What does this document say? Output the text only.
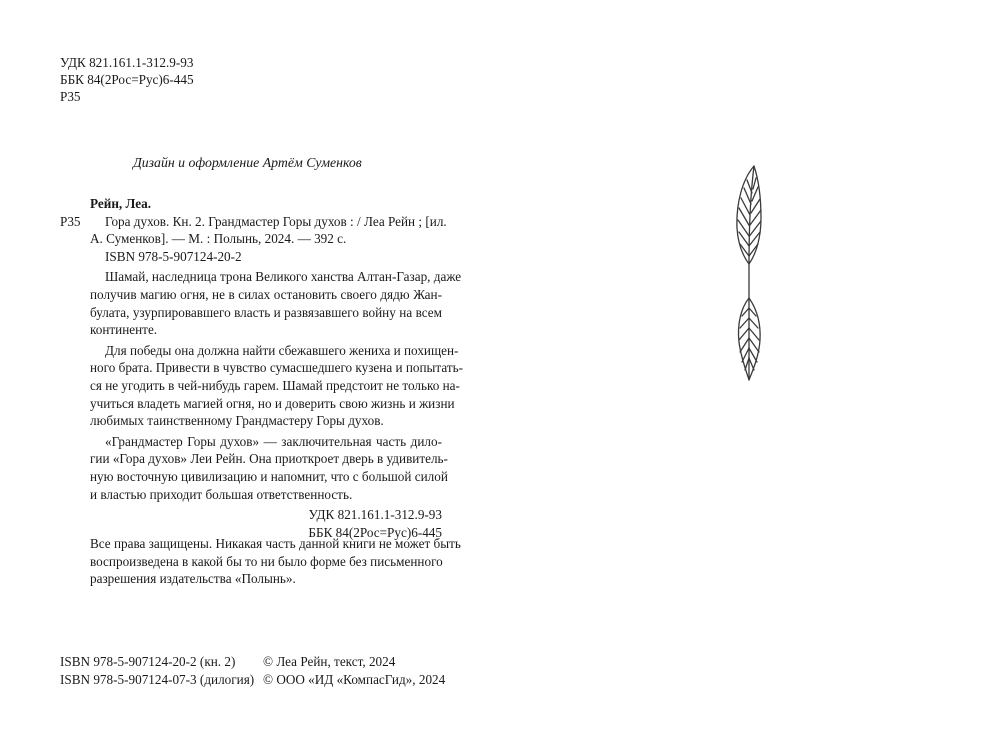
УДК 821.161.1-312.9-93
ББК 84(2Рос=Рус)6-445
Р35
Дизайн и оформление Артём Суменков
Р35
Рейн, Леа.
Гора духов. Кн. 2. Грандмастер Горы духов : / Леа Рейн ; [ил.
А. Суменков]. — М. : Полынь, 2024. — 392 с.
ISBN 978-5-907124-20-2
Шамай, наследница трона Великого ханства Алтан-Газар, даже
получив магию огня, не в силах остановить своего дядю Жан-
булата, узурпировавшего власть и развязавшего войну на всем
континенте.
Для победы она должна найти сбежавшего жениха и похищен-
ного брата. Привести в чувство сумасшедшего кузена и попытать-
ся не угодить в чей-нибудь гарем. Шамай предстоит не только на-
учиться владеть магией огня, но и доверить свою жизнь и жизни
любимых таинственному Грандмастеру Горы духов.
«Грандмастер Горы духов» — заключительная часть дило-
гии «Гора духов» Леи Рейн. Она приоткроет дверь в удивитель-
ную восточную цивилизацию и напомнит, что с большой силой
и властью приходит большая ответственность.
УДК 821.161.1-312.9-93
ББК 84(2Рос=Рус)6-445
Все права защищены. Никакая часть данной книги не может быть
воспроизведена в какой бы то ни было форме без письменного
разрешения издательства «Полынь».
ISBN 978-5-907124-20-2 (кн. 2)
ISBN 978-5-907124-07-3 (дилогия)
© Леа Рейн, текст, 2024
© ООО «ИД «КомпасГид», 2024
